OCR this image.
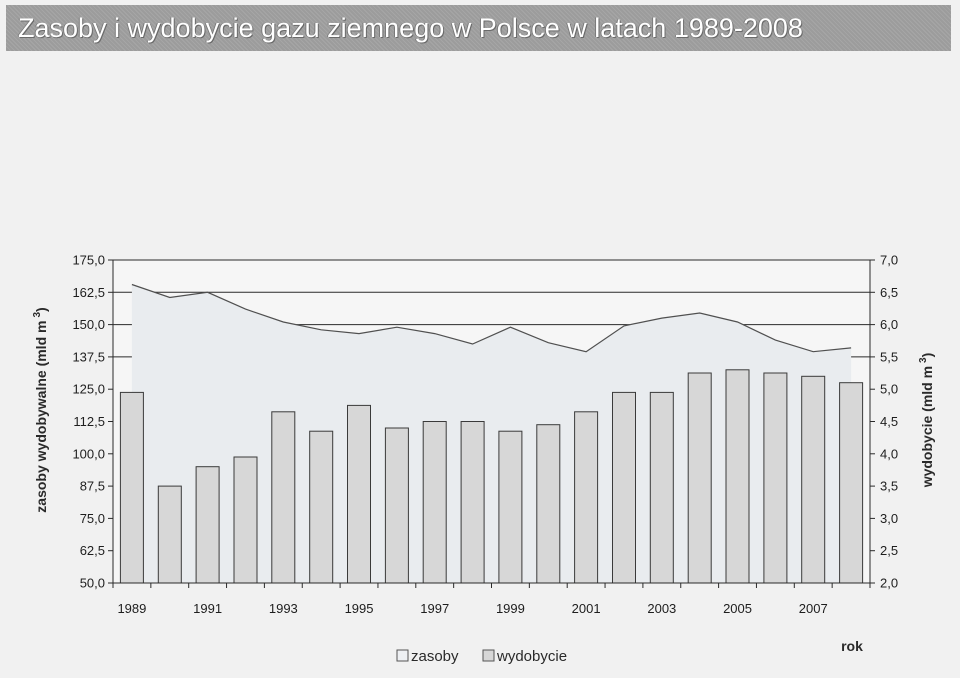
Zasoby i wydobycie gazu ziemnego w Polsce w latach 1989-2008
50,0
62,5
75,0
87,5
100,0
112,5
125,0
137,5
150,0
162,5
175,0
2,0
2,5
3,0
3,5
4,0
4,5
5,0
5,5
6,0
6,5
7,0
1989	1991	1993	1995	1997	1999	2001	2003	2005	2007
zasoby wydobywalne (mld $m^3$)
wydobycie (mld $m^3$)
rok
zasoby	wydobycie
